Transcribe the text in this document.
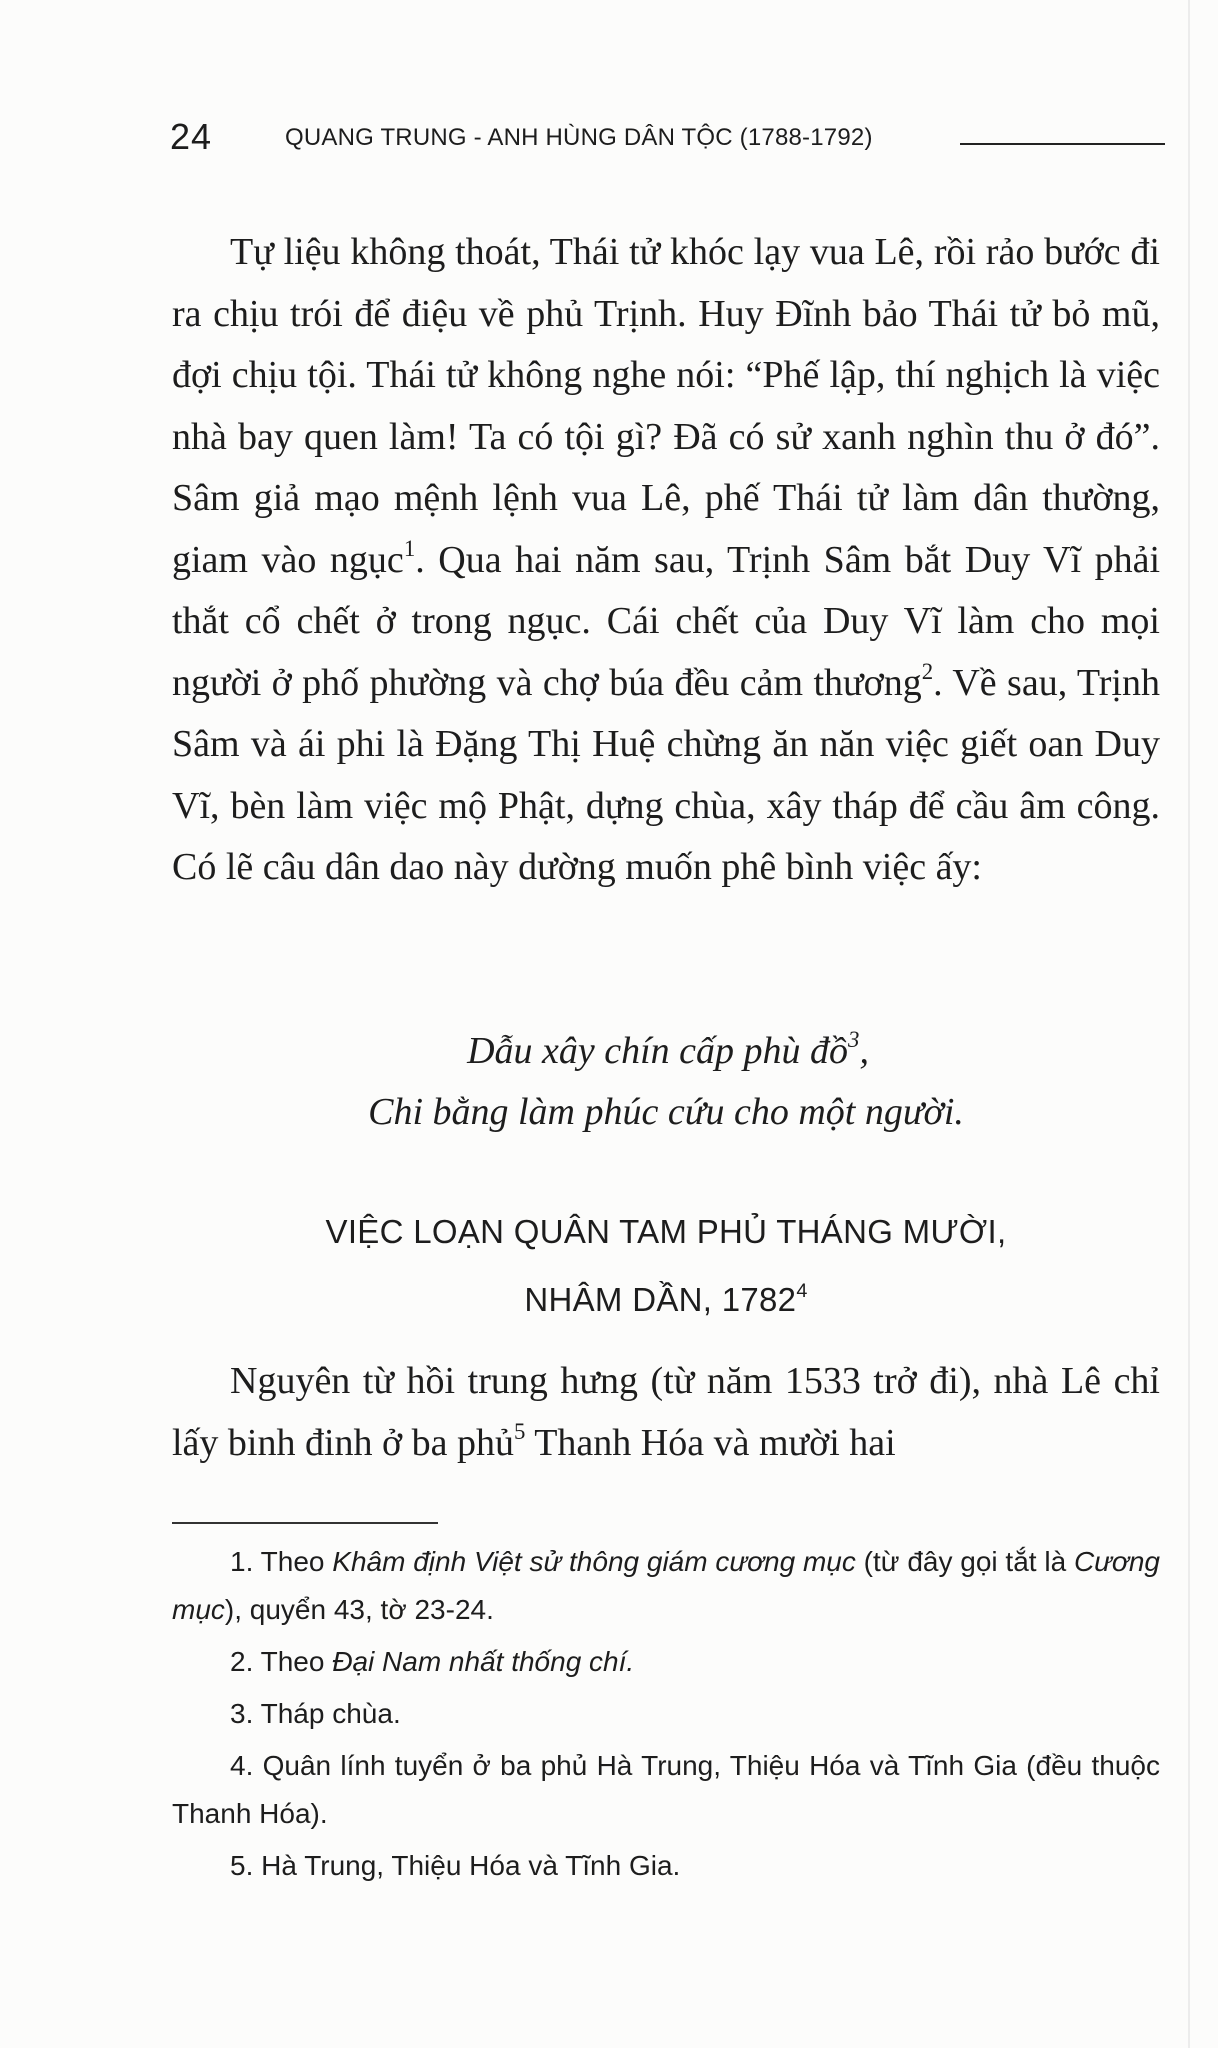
24	QUANG TRUNG - ANH HÙNG DÂN TỘC (1788-1792)

Tự liệu không thoát, Thái tử khóc lạy vua Lê, rồi rảo bước đi ra chịu trói để điệu về phủ Trịnh. Huy Đĩnh bảo Thái tử bỏ mũ, đợi chịu tội. Thái tử không nghe nói: “Phế lập, thí nghịch là việc nhà bay quen làm! Ta có tội gì? Đã có sử xanh nghìn thu ở đó”. Sâm giả mạo mệnh lệnh vua Lê, phế Thái tử làm dân thường, giam vào ngục$^1$. Qua hai năm sau, Trịnh Sâm bắt Duy Vĩ phải thắt cổ chết ở trong ngục. Cái chết của Duy Vĩ làm cho mọi người ở phố phường và chợ búa đều cảm thương$^2$. Về sau, Trịnh Sâm và ái phi là Đặng Thị Huệ chừng ăn năn việc giết oan Duy Vĩ, bèn làm việc mộ Phật, dựng chùa, xây tháp để cầu âm công. Có lẽ câu dân dao này dường muốn phê bình việc ấy:

Dẫu xây chín cấp phù đồ$^3$,
Chi bằng làm phúc cứu cho một người.
VIỆC LOẠN QUÂN TAM PHỦ THÁNG MƯỜI,
NHÂM DẦN, 1782$^4$

Nguyên từ hồi trung hưng (từ năm 1533 trở đi), nhà Lê chỉ lấy binh đinh ở ba phủ$^5$ Thanh Hóa và mười hai

1. Theo Khâm định Việt sử thông giám cương mục (từ đây gọi tắt là Cương mục), quyển 43, tờ 23-24.

2. Theo Đại Nam nhất thống chí.

3. Tháp chùa.

4. Quân lính tuyển ở ba phủ Hà Trung, Thiệu Hóa và Tĩnh Gia (đều thuộc Thanh Hóa).

5. Hà Trung, Thiệu Hóa và Tĩnh Gia.
